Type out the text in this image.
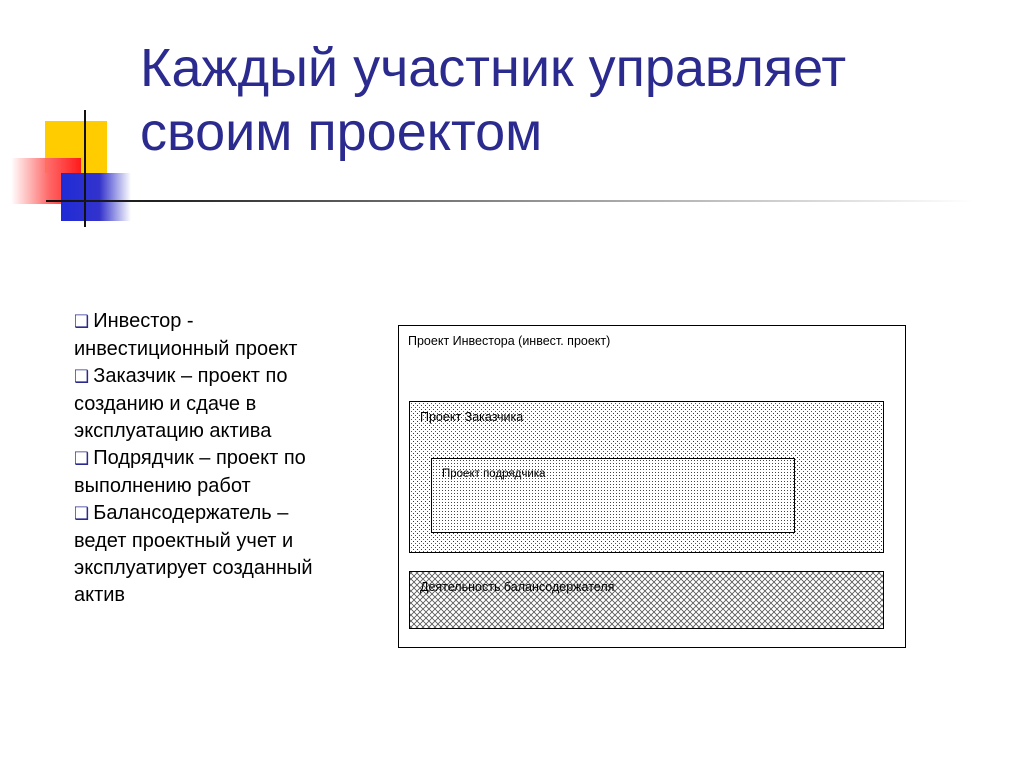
Каждый участник управляет
своим проектом
❑ Инвестор -
инвестиционный проект
❑ Заказчик – проект по
созданию и сдаче в
эксплуатацию актива
❑ Подрядчик – проект по
выполнению работ
❑ Балансодержатель –
ведет проектный учет и
эксплуатирует созданный
актив
Проект Инвестора (инвест. проект)
Проект Заказчика
Проект подрядчика
Деятельность балансодержателя
